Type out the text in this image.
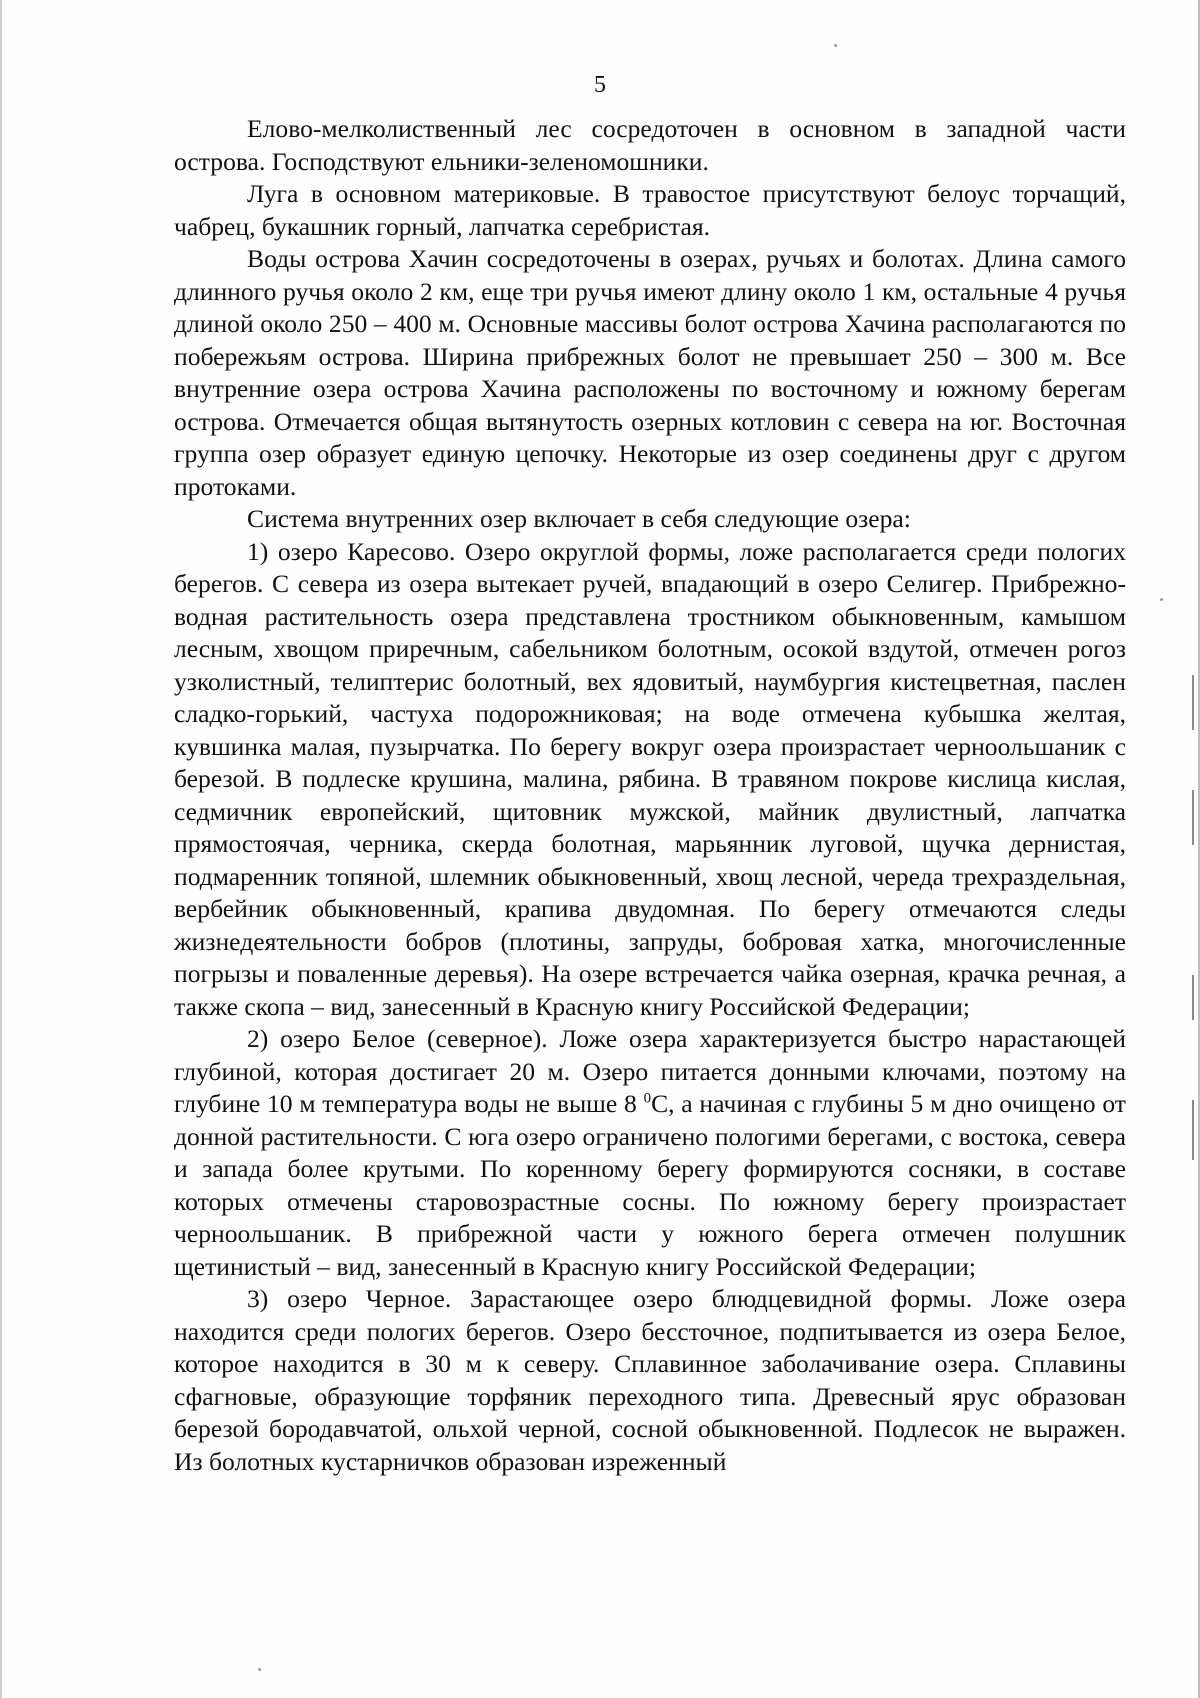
5

Елово-мелколиственный лес сосредоточен в основном в западной части острова. Господствуют ельники-зеленомошники.

Луга в основном материковые. В травостое присутствуют белоус торчащий, чабрец, букашник горный, лапчатка серебристая.

Воды острова Хачин сосредоточены в озерах, ручьях и болотах. Длина самого длинного ручья около 2 км, еще три ручья имеют длину около 1 км, остальные 4 ручья длиной около 250 – 400 м. Основные массивы болот острова Хачина располагаются по побережьям острова. Ширина прибрежных болот не превышает 250 – 300 м. Все внутренние озера острова Хачина расположены по восточному и южному берегам острова. Отмечается общая вытянутость озерных котловин с севера на юг. Восточная группа озер образует единую цепочку. Некоторые из озер соединены друг с другом протоками.

Система внутренних озер включает в себя следующие озера:

1) озеро Каресово. Озеро округлой формы, ложе располагается среди пологих берегов. С севера из озера вытекает ручей, впадающий в озеро Селигер. Прибрежно-водная растительность озера представлена тростником обыкновенным, камышом лесным, хвощом приречным, сабельником болотным, осокой вздутой, отмечен рогоз узколистный, телиптерис болотный, вех ядовитый, наумбургия кистецветная, паслен сладко-горький, частуха подорожниковая; на воде отмечена кубышка желтая, кувшинка малая, пузырчатка. По берегу вокруг озера произрастает черноольшаник с березой. В подлеске крушина, малина, рябина. В травяном покрове кислица кислая, седмичник европейский, щитовник мужской, майник двулистный, лапчатка прямостоячая, черника, скерда болотная, марьянник луговой, щучка дернистая, подмаренник топяной, шлемник обыкновенный, хвощ лесной, череда трехраздельная, вербейник обыкновенный, крапива двудомная. По берегу отмечаются следы жизнедеятельности бобров (плотины, запруды, бобровая хатка, многочисленные погрызы и поваленные деревья). На озере встречается чайка озерная, крачка речная, а также скопа – вид, занесенный в Красную книгу Российской Федерации;

2) озеро Белое (северное). Ложе озера характеризуется быстро нарастающей глубиной, которая достигает 20 м. Озеро питается донными ключами, поэтому на глубине 10 м температура воды не выше 8 $^0$С, а начиная с глубины 5 м дно очищено от донной растительности. С юга озеро ограничено пологими берегами, с востока, севера и запада более крутыми. По коренному берегу формируются сосняки, в составе которых отмечены старовозрастные сосны. По южному берегу произрастает черноольшаник. В прибрежной части у южного берега отмечен полушник щетинистый – вид, занесенный в Красную книгу Российской Федерации;

3) озеро Черное. Зарастающее озеро блюдцевидной формы. Ложе озера находится среди пологих берегов. Озеро бессточное, подпитывается из озера Белое, которое находится в 30 м к северу. Сплавинное заболачивание озера. Сплавины сфагновые, образующие торфяник переходного типа. Древесный ярус образован березой бородавчатой, ольхой черной, сосной обыкновенной. Подлесок не выражен. Из болотных кустарничков образован изреженный
